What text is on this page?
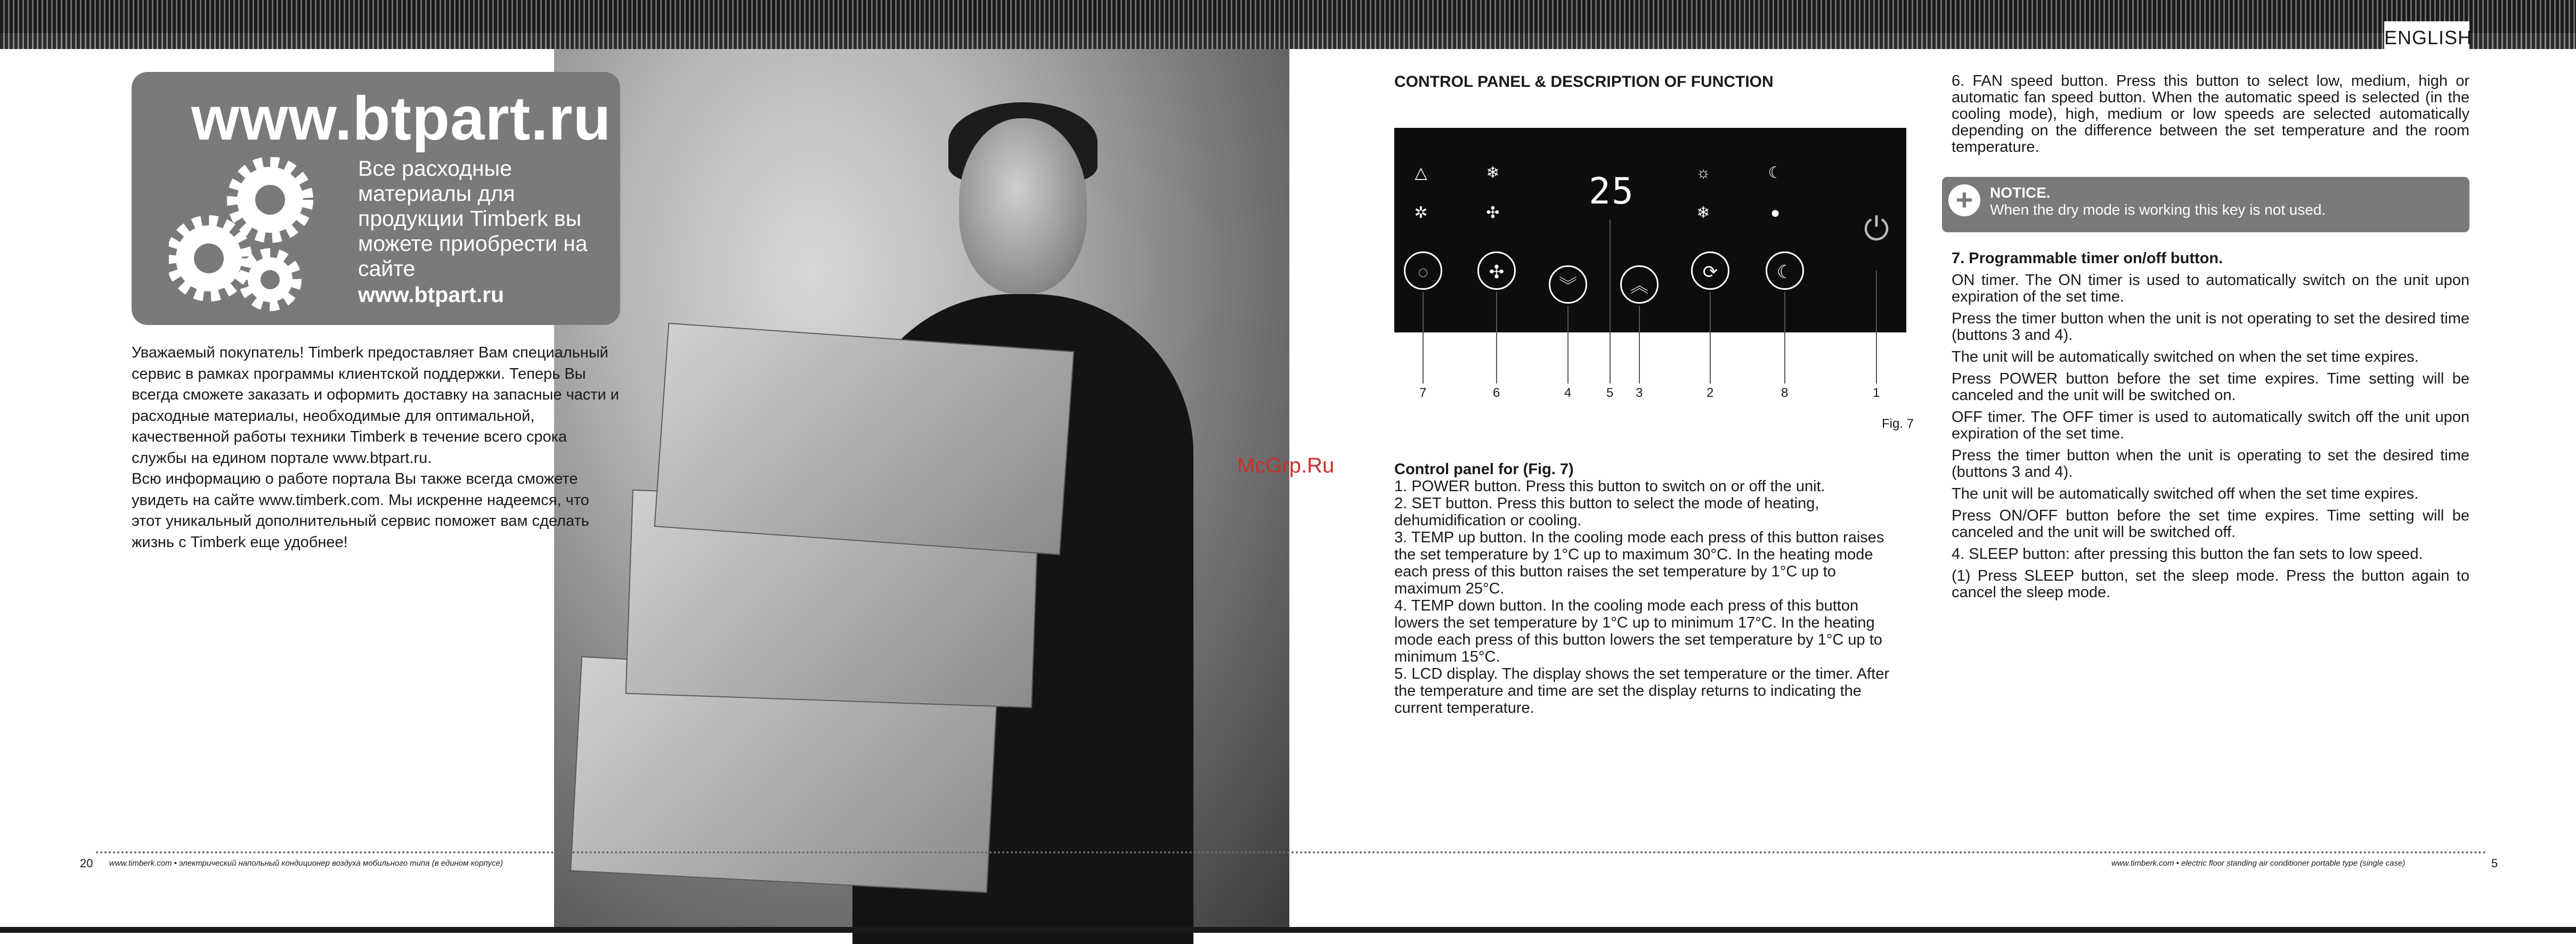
ENGLISH
www.btpart.ru
Все расходные материалы для продукции Timberk вы можете приобрести на сайте
www.btpart.ru

Уважаемый покупатель! Timberk предоставляет Вам специальный сервис в рамках программы клиентской поддержки. Теперь Вы всегда сможете заказать и оформить доставку на запасные части и расходные материалы, необходимые для оптимальной, качественной работы техники Timberk в течение всего срока службы на едином портале www.btpart.ru.

Всю информацию о работе портала Вы также всегда сможете увидеть на сайте www.timberk.com. Мы искренне надеемся, что этот уникальный дополнительный сервис поможет вам сделать жизнь с Timberk еще удобнее!

McGrp.Ru
CONTROL PANEL & DESCRIPTION OF FUNCTION
△
✲
❄
✣
☼
❄
☾
●
25
◌	✣
︾	︽
⟳	☾
⏻
7	6	4	5 3	2	8	1
Fig. 7

Control panel for (Fig. 7)

1. POWER button. Press this button to switch on or off the unit.

2. SET button. Press this button to select the mode of heating, dehumidification or cooling.

3. TEMP up button. In the cooling mode each press of this button raises the set temperature by 1°C up to maximum 30°C. In the heating mode each press of this button raises the set temperature by 1°C up to maximum 25°C.

4. TEMP down button. In the cooling mode each press of this button lowers the set temperature by 1°C up to minimum 17°C. In the heating mode each press of this button lowers the set temperature by 1°C up to minimum 15°C.

5. LCD display. The display shows the set temperature or the timer. After the temperature and time are set the display returns to indicating the current temperature.

6. FAN speed button. Press this button to select low, medium, high or automatic fan speed button. When the automatic speed is selected (in the cooling mode), high, medium or low speeds are selected automatically depending on the difference between the set temperature and the room temperature.

+	NOTICE.
When the dry mode is working this key is not used.

7. Programmable timer on/off button.

ON timer. The ON timer is used to automatically switch on the unit upon expiration of the set time.

Press the timer button when the unit is not operating to set the desired time (buttons 3 and 4).

The unit will be automatically switched on when the set time expires.

Press POWER button before the set time expires. Time setting will be canceled and the unit will be switched on.

OFF timer. The OFF timer is used to automatically switch off the unit upon expiration of the set time.

Press the timer button when the unit is operating to set the desired time (buttons 3 and 4).

The unit will be automatically switched off when the set time expires.

Press ON/OFF button before the set time expires. Time setting will be canceled and the unit will be switched off.

4. SLEEP button: after pressing this button the fan sets to low speed.

(1) Press SLEEP button, set the sleep mode. Press the button again to cancel the sleep mode.

20 www.timberk.com • электрический напольный кондиционер воздуха мобильного типа (в едином корпусе)	www.timberk.com • electric floor standing air conditioner portable type (single case)	5
